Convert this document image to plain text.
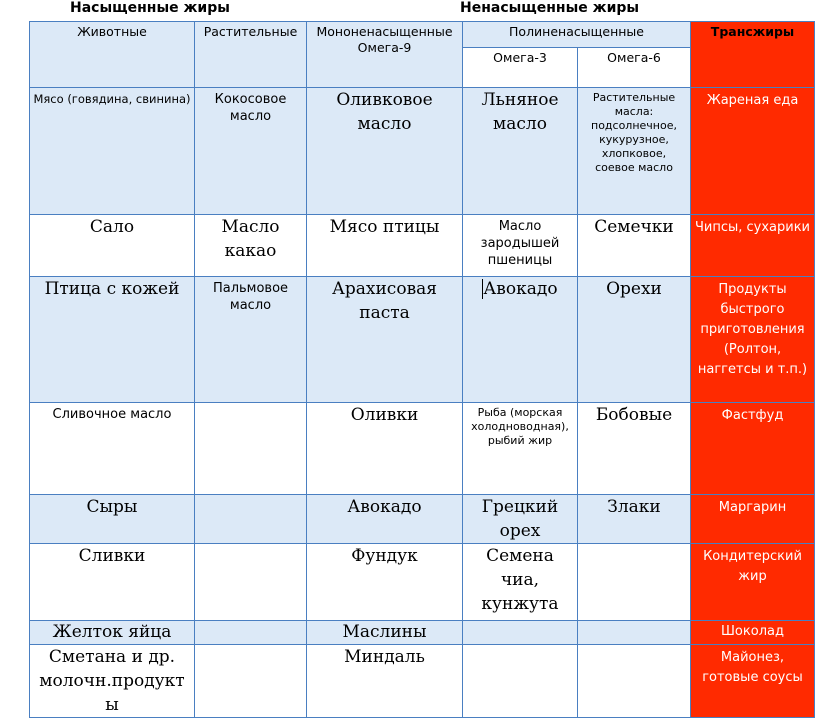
Насыщенные жиры	Ненасыщенные жиры
Животные	Растительные	Мононенасыщенные Омега-9	Полиненасыщенные		Трансжиры
			Омега-3	Омега-6	
Мясо (говядина, свинина)	Кокосовое масло	Оливковое масло	Льняное масло	Растительные масла: подсолнечное, кукурузное, хлопковое, соевое масло	Жареная еда
Сало	Масло какао	Мясо птицы	Масло зародышей пшеницы	Семечки	Чипсы, сухарики
Птица с кожей	Пальмовое масло	Арахисовая паста	Авокадо	Орехи	Продукты быстрого приготовления (Ролтон, наггетсы и т.п.)
Сливочное масло		Оливки	Рыба (морская холодноводная), рыбий жир	Бобовые	Фастфуд
Сыры		Авокадо	Грецкий орех	Злаки	Маргарин
Сливки		Фундук	Семена чиа, кунжута		Кондитерский жир
Желток яйца		Маслины			Шоколад
Сметана и др. молочн.продукты		Миндаль			Майонез, готовые соусы
